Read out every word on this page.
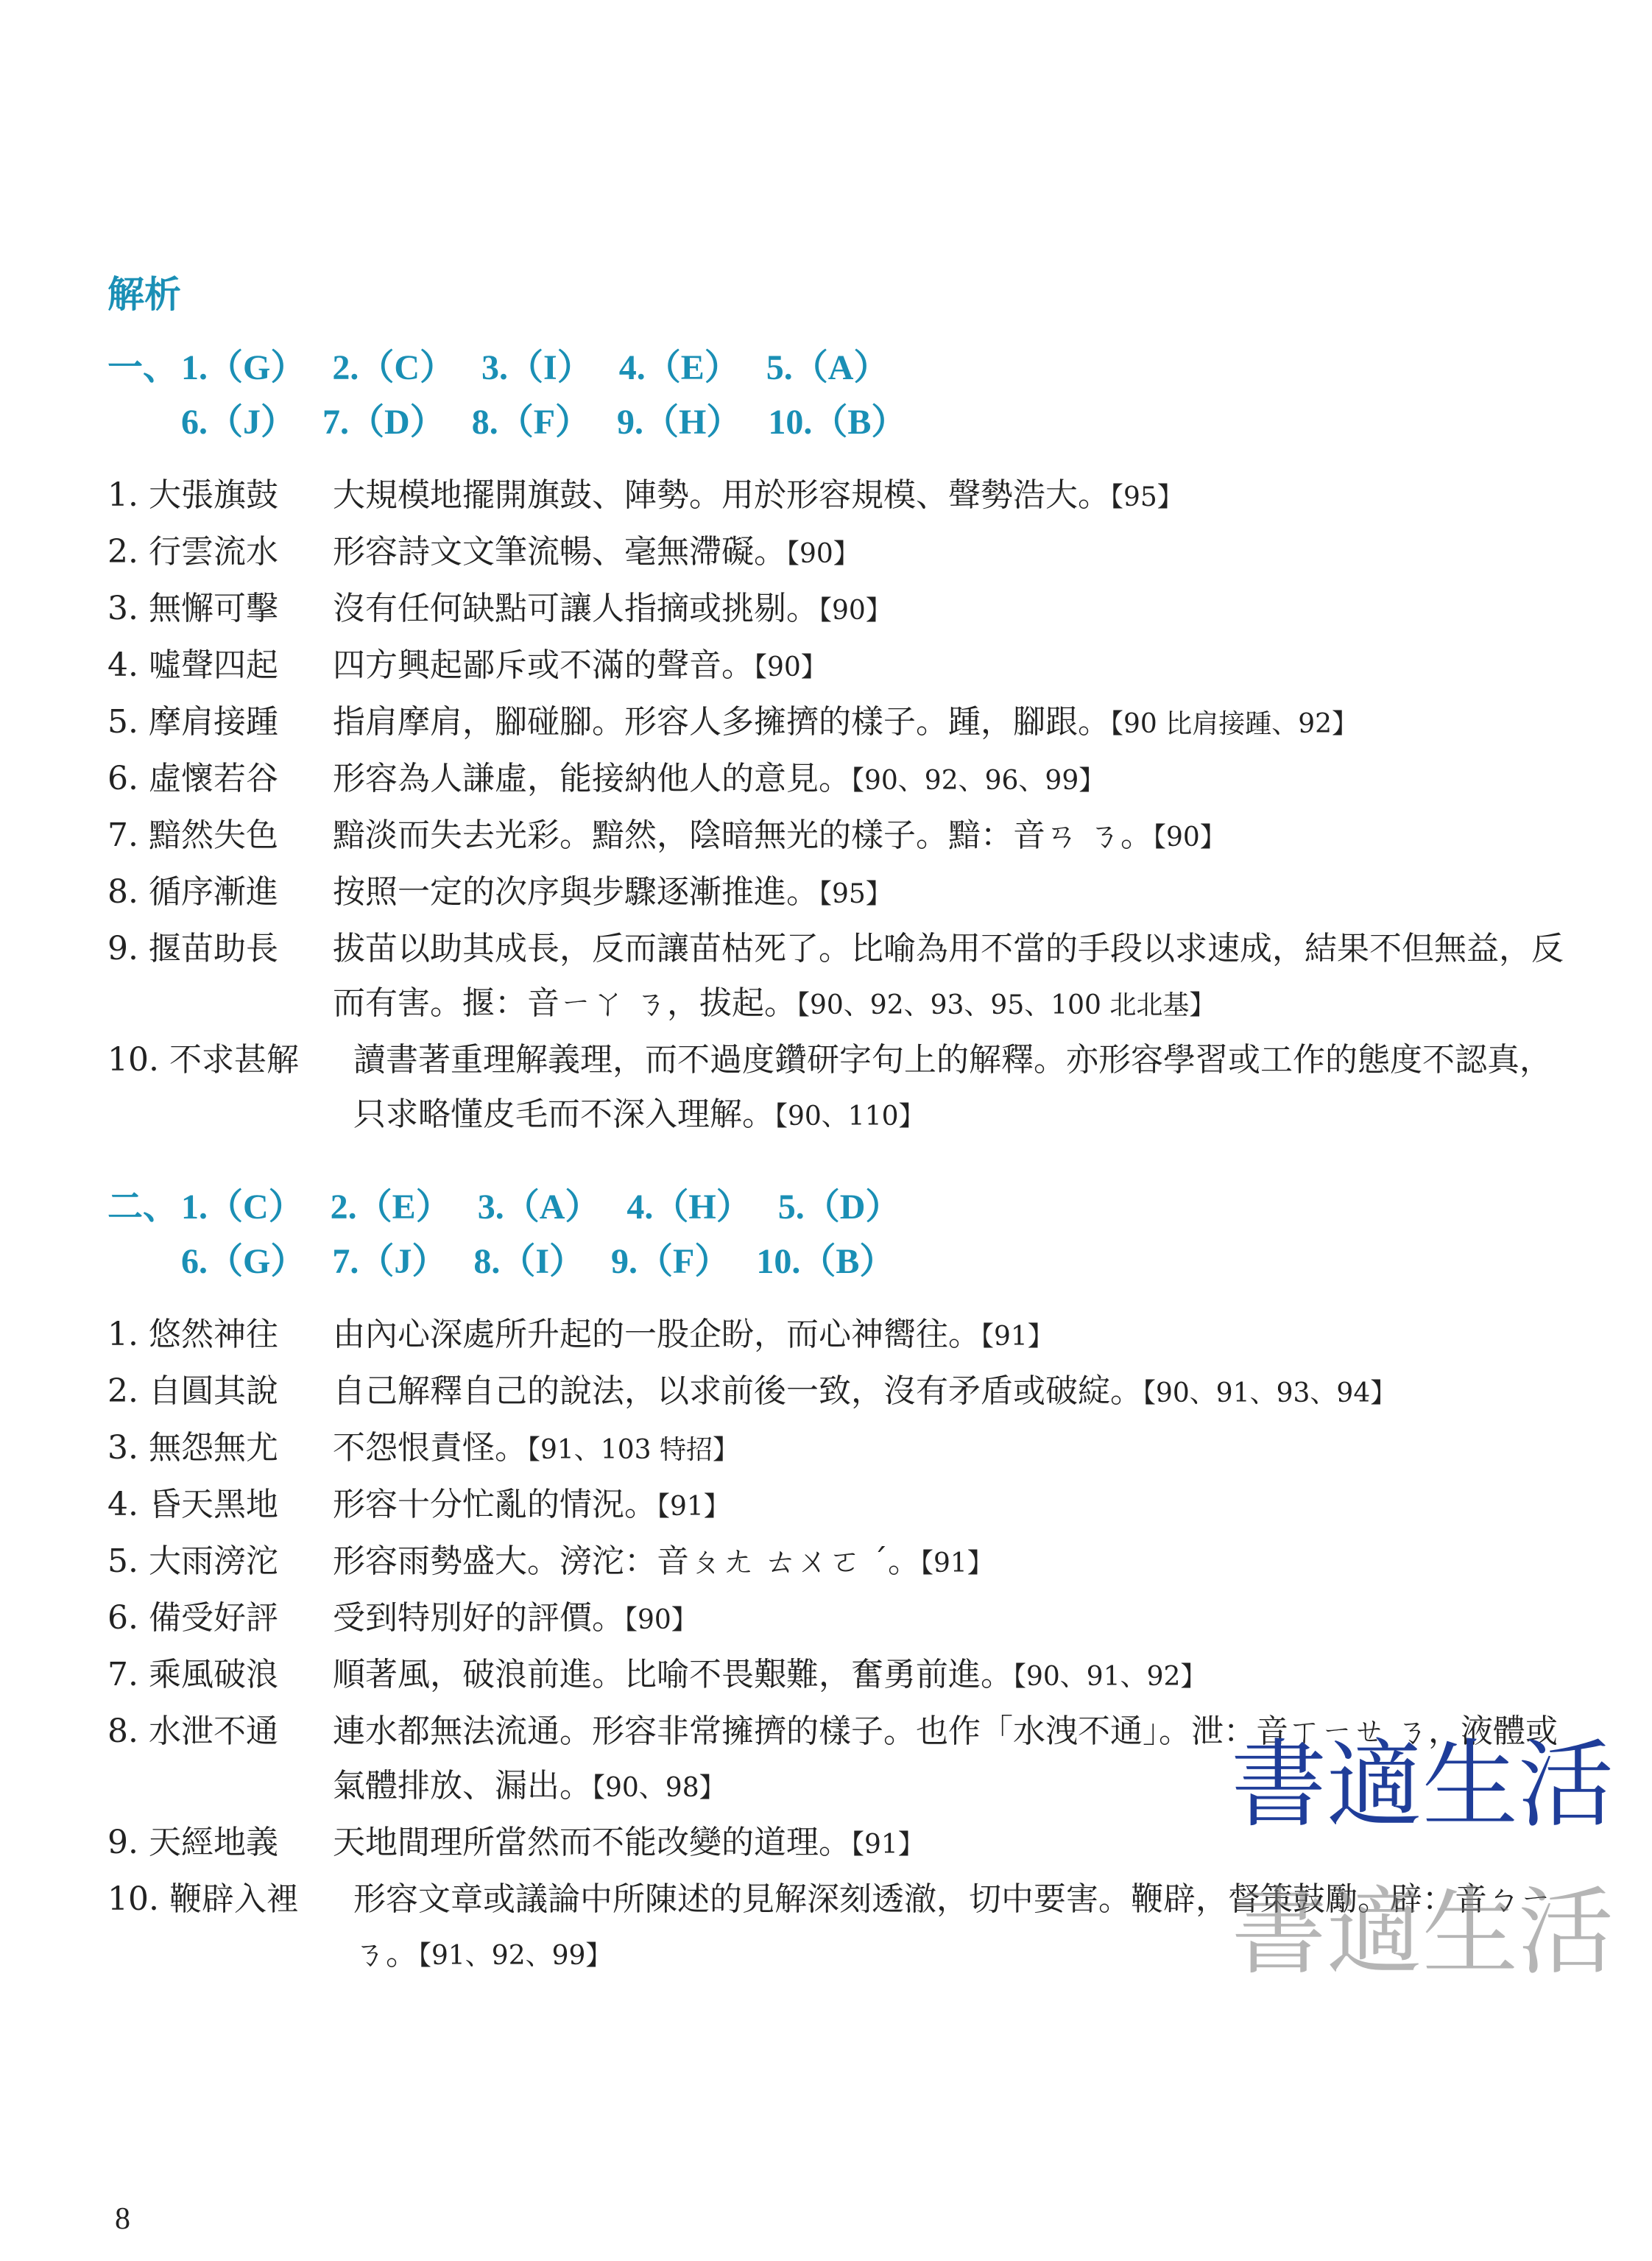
解析
一、1.（G） 2.（C） 3.（I） 4.（E） 5.（A）
6.（J） 7.（D） 8.（F） 9.（H） 10.（B）
1. 大張旗鼓 大規模地擺開旗鼓、陣勢。用於形容規模、聲勢浩大。【95】
2. 行雲流水 形容詩文文筆流暢、毫無滯礙。【90】
3. 無懈可擊 沒有任何缺點可讓人指摘或挑剔。【90】
4. 噓聲四起 四方興起鄙斥或不滿的聲音。【90】
5. 摩肩接踵 指肩摩肩，腳碰腳。形容人多擁擠的樣子。踵，腳跟。【90 比肩接踵、92】
6. 虛懷若谷 形容為人謙虛，能接納他人的意見。【90、92、96、99】
7. 黯然失色 黯淡而失去光彩。黯然，陰暗無光的樣子。黯：音ㄢ ㄋ。【90】
8. 循序漸進 按照一定的次序與步驟逐漸推進。【95】
9. 揠苗助長 拔苗以助其成長，反而讓苗枯死了。比喻為用不當的手段以求速成，結果不但無益，反而有害。揠：音ㄧㄚ ㄋ，拔起。【90、92、93、95、100 北北基】
10. 不求甚解 讀書著重理解義理，而不過度鑽研字句上的解釋。亦形容學習或工作的態度不認真，只求略懂皮毛而不深入理解。【90、110】
二、1.（C） 2.（E） 3.（A） 4.（H） 5.（D）
6.（G） 7.（J） 8.（I） 9.（F） 10.（B）
1. 悠然神往 由內心深處所升起的一股企盼，而心神嚮往。【91】
2. 自圓其說 自己解釋自己的說法，以求前後一致，沒有矛盾或破綻。【90、91、93、94】
3. 無怨無尤 不怨恨責怪。【91、103 特招】
4. 昏天黑地 形容十分忙亂的情況。【91】
5. 大雨滂沱 形容雨勢盛大。滂沱：音ㄆㄤ ㄊㄨㄛ ˊ。【91】
6. 備受好評 受到特別好的評價。【90】
7. 乘風破浪 順著風，破浪前進。比喻不畏艱難，奮勇前進。【90、91、92】
8. 水泄不通 連水都無法流通。形容非常擁擠的樣子。也作「水洩不通」。泄：音ㄒㄧㄝ ㄋ，液體或氣體排放、漏出。【90、98】
9. 天經地義 天地間理所當然而不能改變的道理。【91】
10. 鞭辟入裡 形容文章或議論中所陳述的見解深刻透澈，切中要害。鞭辟，督策鼓勵。辟：音ㄅㄧ ㄋ。【91、92、99】
書適生活
書適生活
8
